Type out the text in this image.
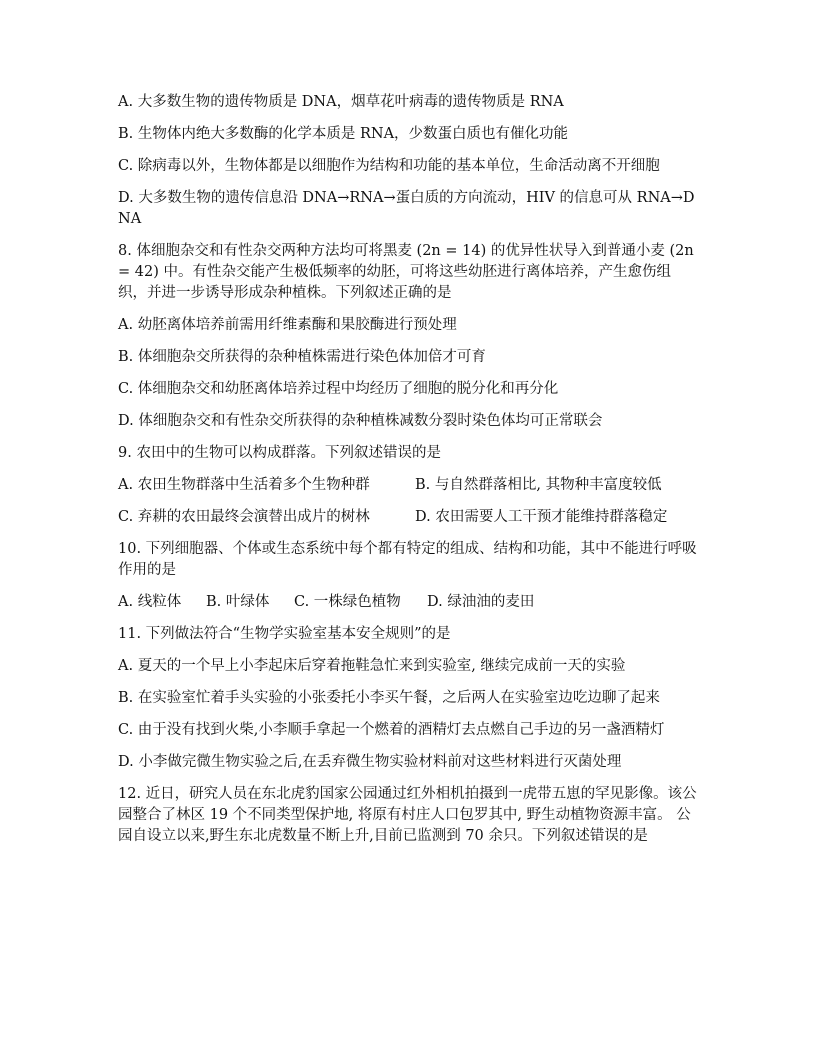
A. 大多数生物的遗传物质是 DNA，烟草花叶病毒的遗传物质是 RNA

B. 生物体内绝大多数酶的化学本质是 RNA，少数蛋白质也有催化功能

C. 除病毒以外，生物体都是以细胞作为结构和功能的基本单位，生命活动离不开细胞

D. 大多数生物的遗传信息沿 DNA→RNA→蛋白质的方向流动，HIV 的信息可从 RNA→DNA

8. 体细胞杂交和有性杂交两种方法均可将黑麦 (2n = 14) 的优异性状导入到普通小麦 (2n = 42) 中。有性杂交能产生极低频率的幼胚，可将这些幼胚进行离体培养，产生愈伤组织，并进一步诱导形成杂种植株。下列叙述正确的是

A. 幼胚离体培养前需用纤维素酶和果胶酶进行预处理

B. 体细胞杂交所获得的杂种植株需进行染色体加倍才可育

C. 体细胞杂交和幼胚离体培养过程中均经历了细胞的脱分化和再分化

D. 体细胞杂交和有性杂交所获得的杂种植株减数分裂时染色体均可正常联会

9. 农田中的生物可以构成群落。下列叙述错误的是

A. 农田生物群落中生活着多个生物种群	B. 与自然群落相比, 其物种丰富度较低
C. 弃耕的农田最终会演替出成片的树林	D. 农田需要人工干预才能维持群落稳定

10. 下列细胞器、个体或生态系统中每个都有特定的组成、结构和功能，其中不能进行呼吸作用的是

A. 线粒体	B. 叶绿体	C. 一株绿色植物	D. 绿油油的麦田

11. 下列做法符合“生物学实验室基本安全规则”的是

A. 夏天的一个早上小李起床后穿着拖鞋急忙来到实验室, 继续完成前一天的实验

B. 在实验室忙着手头实验的小张委托小李买午餐，之后两人在实验室边吃边聊了起来

C. 由于没有找到火柴,小李顺手拿起一个燃着的酒精灯去点燃自己手边的另一盏酒精灯

D. 小李做完微生物实验之后,在丢弃微生物实验材料前对这些材料进行灭菌处理

12. 近日，研究人员在东北虎豹国家公园通过红外相机拍摄到一虎带五崽的罕见影像。该公园整合了林区 19 个不同类型保护地, 将原有村庄人口包罗其中, 野生动植物资源丰富。 公园自设立以来,野生东北虎数量不断上升,目前已监测到 70 余只。下列叙述错误的是
